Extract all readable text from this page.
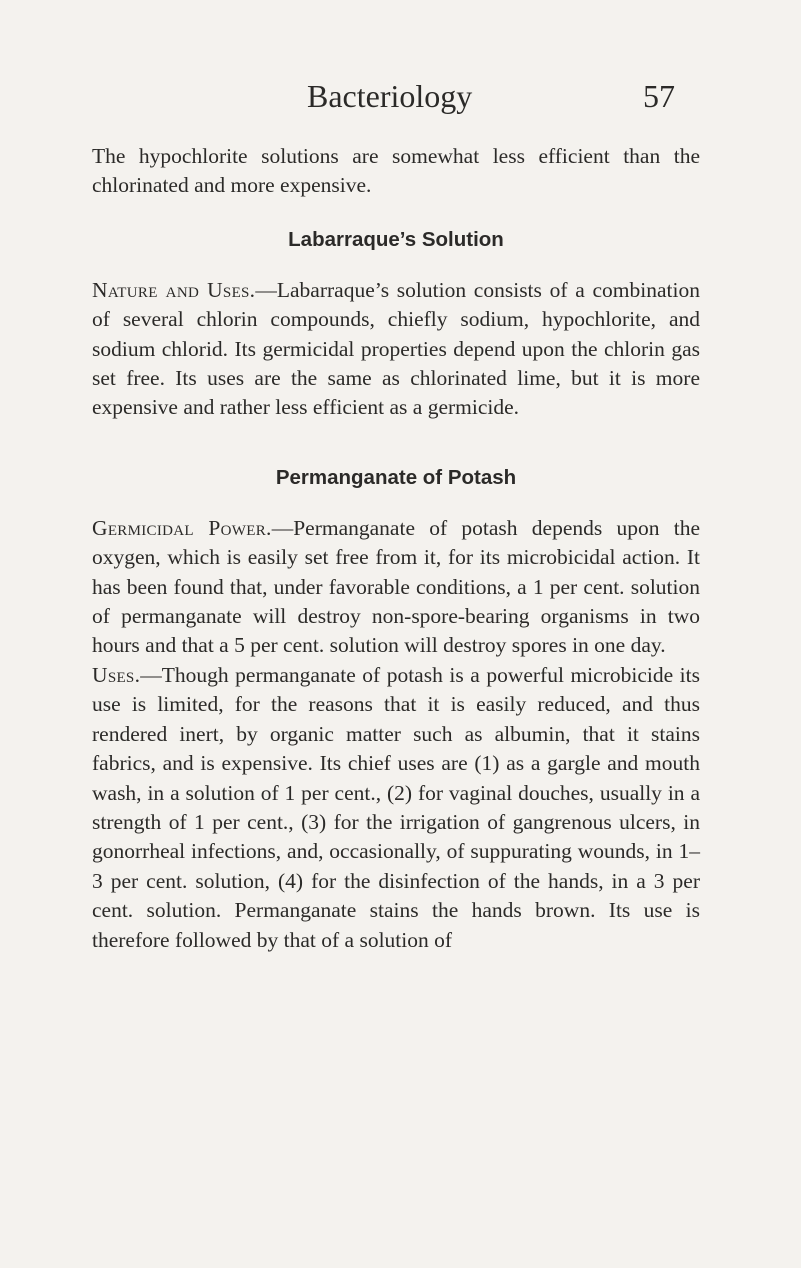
Bacteriology	57

The hypochlorite solutions are somewhat less efficient than the chlorinated and more expensive.

Labarraque’s Solution

Nature and Uses.—Labarraque’s solution consists of a combination of several chlorin compounds, chiefly sodium, hypochlorite, and sodium chlorid. Its germicidal properties depend upon the chlorin gas set free. Its uses are the same as chlorinated lime, but it is more expensive and rather less efficient as a germicide.

Permanganate of Potash

Germicidal Power.—Permanganate of potash depends upon the oxygen, which is easily set free from it, for its microbicidal action. It has been found that, under favorable conditions, a 1 per cent. solution of permanganate will destroy non-spore-bearing organisms in two hours and that a 5 per cent. solution will destroy spores in one day.

Uses.—Though permanganate of potash is a powerful microbicide its use is limited, for the reasons that it is easily reduced, and thus rendered inert, by organic matter such as albumin, that it stains fabrics, and is expensive. Its chief uses are (1) as a gargle and mouth wash, in a solution of 1 per cent., (2) for vaginal douches, usually in a strength of 1 per cent., (3) for the irrigation of gangrenous ulcers, in gonorrheal infections, and, occasionally, of suppurating wounds, in 1–3 per cent. solution, (4) for the disinfection of the hands, in a 3 per cent. solution. Permanganate stains the hands brown. Its use is therefore followed by that of a solution of
